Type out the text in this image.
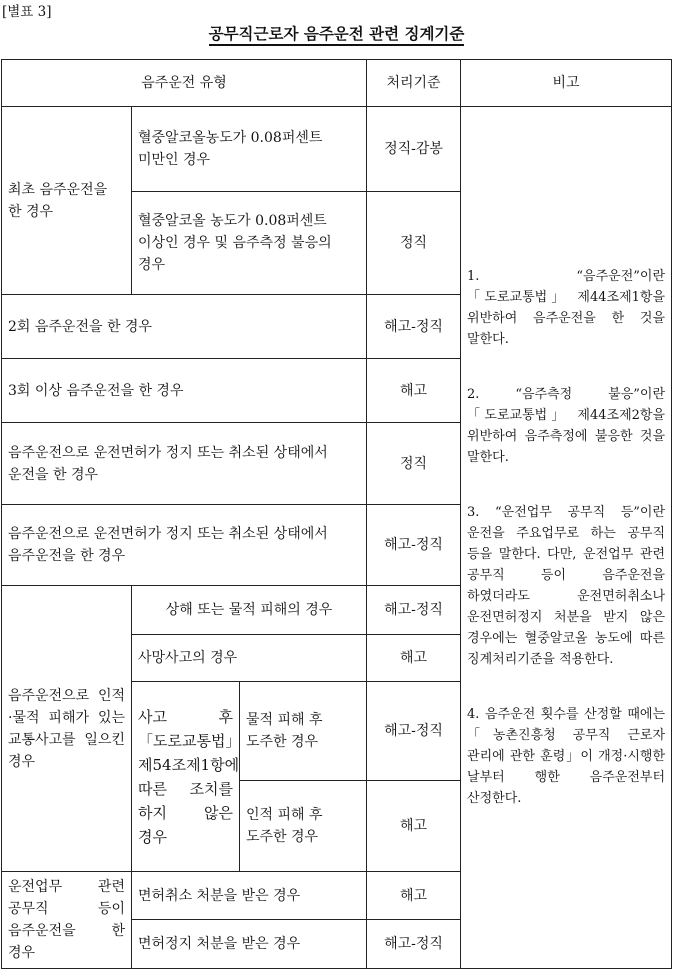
[별표 3]
공무직근로자 음주운전 관련 징계기준
음주운전 유형			처리기준	비고
최초 음주운전을 한 경우	혈중알코올농도가 0.08퍼센트 미만인 경우		정직-감봉	1. “음주운전”이란 「도로교통법」 제44조제1항을 위반하여 음주운전을 한 것을 말한다.

2. “음주측정 불응”이란 「도로교통법」 제44조제2항을 위반하여 음주측정에 불응한 것을 말한다.

3. “운전업무 공무직 등”이란 운전을 주요업무로 하는 공무직 등을 말한다. 다만, 운전업무 관련 공무직 등이 음주운전을 하였더라도 운전면허취소나 운전면허정지 처분을 받지 않은 경우에는 혈중알코올 농도에 따른 징계처리기준을 적용한다.

4. 음주운전 횟수를 산정할 때에는 「농촌진흥청 공무직 근로자 관리에 관한 훈령」이 개정·시행한 날부터 행한 음주운전부터 산정한다.

	혈중알코올 농도가 0.08퍼센트 이상인 경우 및 음주측정 불응의 경우		정직	
2회 음주운전을 한 경우			해고-정직	
3회 이상 음주운전을 한 경우			해고	
음주운전으로 운전면허가 정지 또는 취소된 상태에서 운전을 한 경우			정직	
음주운전으로 운전면허가 정지 또는 취소된 상태에서 음주운전을 한 경우			해고-정직	
음주운전으로 인적·물적 피해가 있는 교통사고를 일으킨 경우	상해 또는 물적 피해의 경우		해고-정직	
	사망사고의 경우		해고	
	사고 후 「도로교통법」 제54조제1항에 따른 조치를 하지 않은 경우	물적 피해 후 도주한 경우	해고-정직	
		인적 피해 후 도주한 경우	해고	
운전업무 관련 공무직 등이 음주운전을 한 경우	면허취소 처분을 받은 경우		해고	
	면허정지 처분을 받은 경우		해고-정직	
